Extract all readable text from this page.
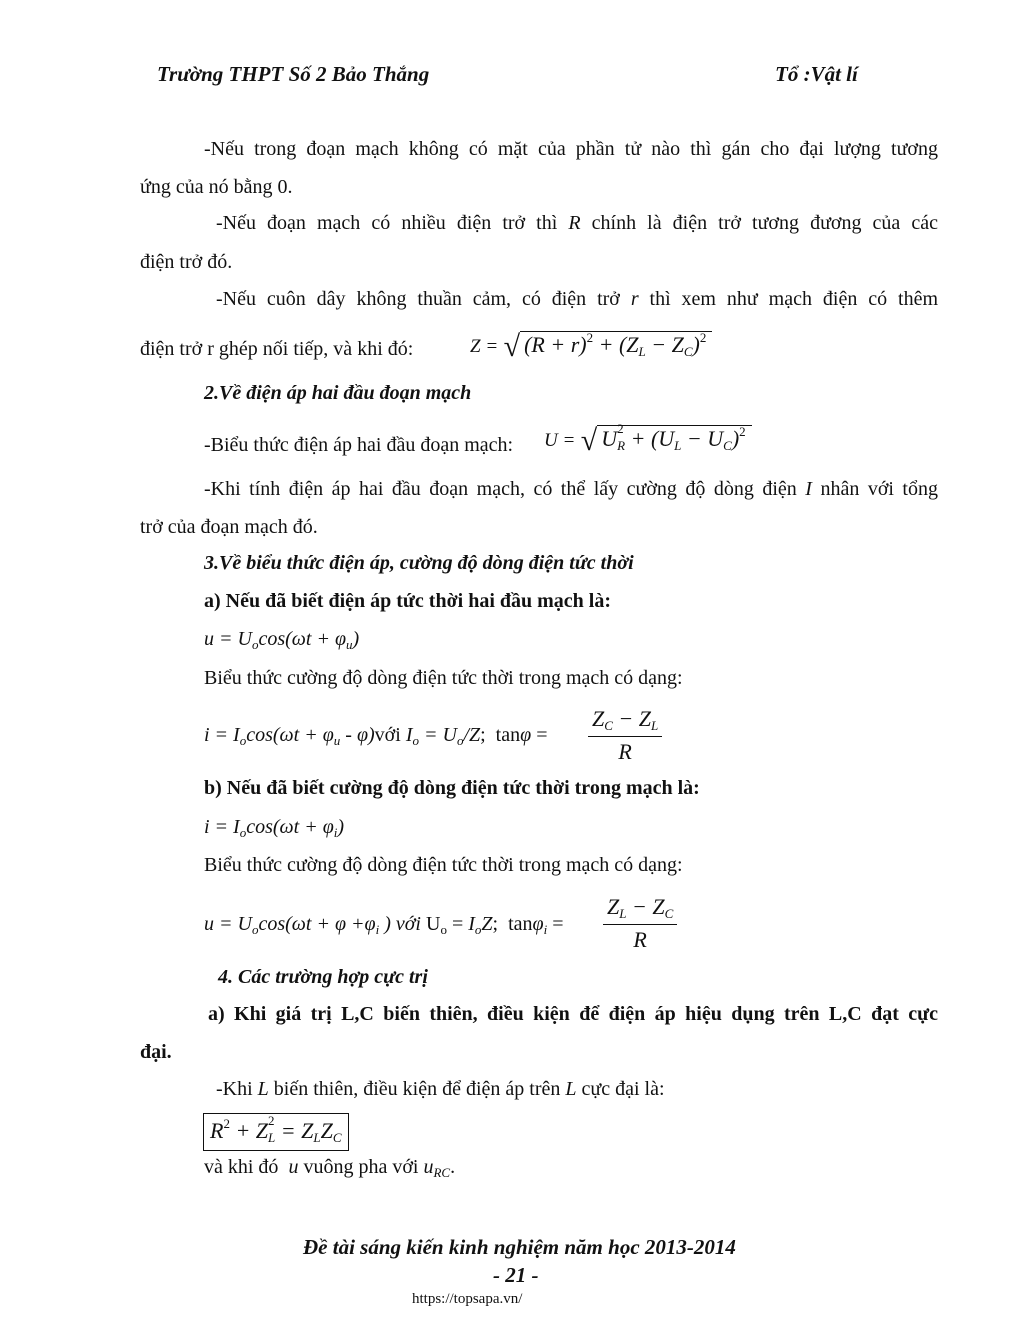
Trường THPT Số 2 Bảo Thắng	Tổ :Vật lí
-Nếu trong đoạn mạch không có mặt của phần tử nào thì gán cho đại lượng tương
ứng của nó bằng 0.
-Nếu đoạn mạch có nhiều điện trở thì R chính là điện trở tương đương của các
điện trở đó.
-Nếu cuôn dây không thuần cảm, có điện trở r thì xem như mạch điện có thêm
điện trở r ghép nối tiếp, và khi đó:	Z = √ $(R + r)^2 + (Z_L - Z_C)^2$
2.Về điện áp hai đầu đoạn mạch
-Biểu thức điện áp hai đầu đoạn mạch: U = √ U $_{2 R} + (U_L - U_C)^2$
-Khi tính điện áp hai đầu đoạn mạch, có thể lấy cường độ dòng điện I nhân với tổng
trở của đoạn mạch đó.
3.Về biểu thức điện áp, cường độ dòng điện tức thời
a) Nếu đã biết điện áp tức thời hai đầu mạch là:
$u = U_o\cos(\omega t + \varphi_u)$
Biểu thức cường độ dòng điện tức thời trong mạch có dạng:
$i = I_o\cos(\omega t + \varphi_u$ - φ)với $I_o = U_o/Z$;  $\tan\varphi = \frac{Z_C - Z_L}{R}$
b) Nếu đã biết cường độ dòng điện tức thời trong mạch là:
$i = I_o\cos(\omega t + \varphi_i)$
Biểu thức cường độ dòng điện tức thời trong mạch có dạng:
$u = U_o\cos(\omega t + \varphi +\varphi_i$ ) với $U_o = I_oZ$;  $\tan\varphi_i = \frac{Z_L - Z_C}{R}$
4. Các trường hợp cực trị
a) Khi giá trị L,C biến thiên, điều kiện để điện áp hiệu dụng trên L,C đạt cực
đại.
-Khi L biến thiên, điều kiện để điện áp trên L cực đại là:
$R^2 + Z$ $_{2 L} = Z_LZ_C$
và khi đó u vuông pha với $u_{RC}$.
Đề tài sáng kiến kinh nghiệm năm học 2013-2014
- 21 -
https://topsapa.vn/
